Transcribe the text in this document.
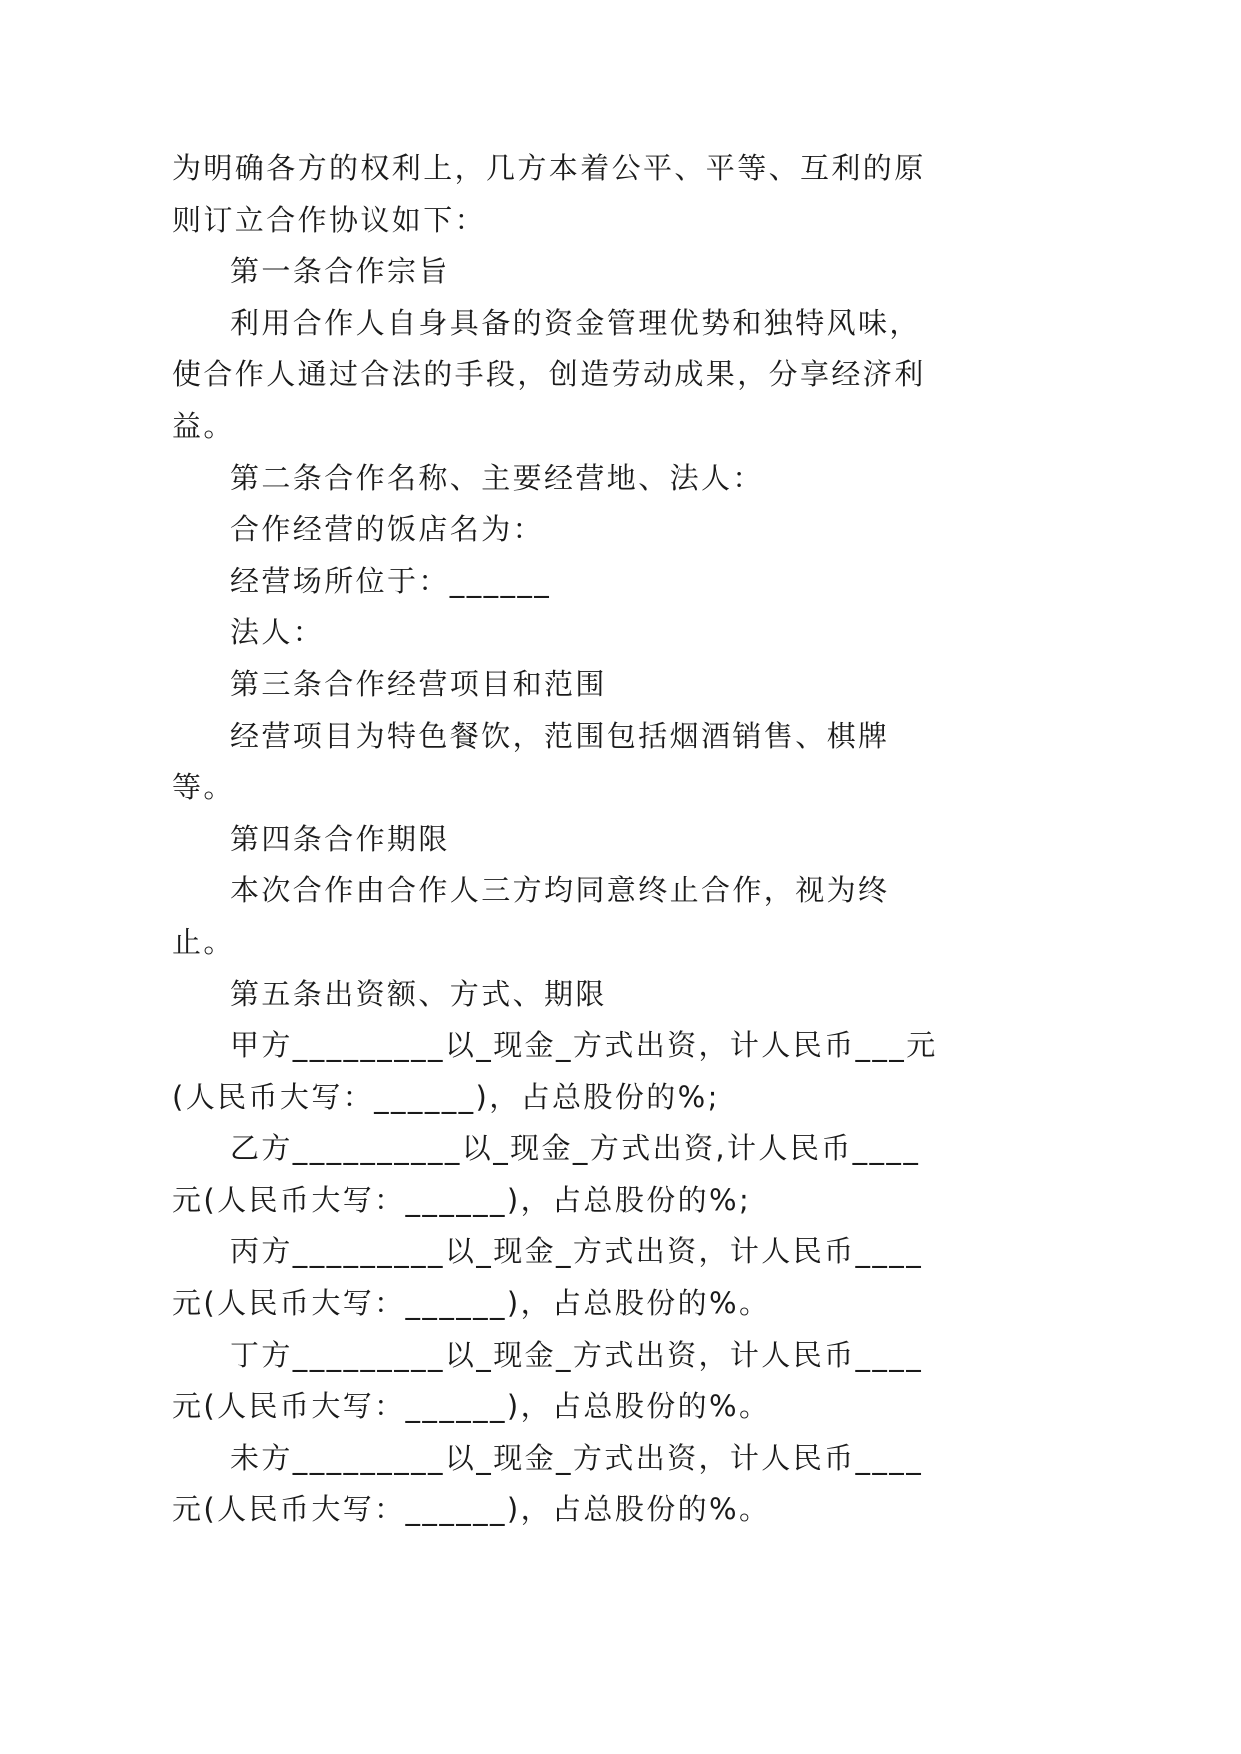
为明确各方的权利上，几方本着公平、平等、互利的原则订立合作协议如下：

第一条合作宗旨

利用合作人自身具备的资金管理优势和独特风味，使合作人通过合法的手段，创造劳动成果，分享经济利益。

第二条合作名称、主要经营地、法人：

合作经营的饭店名为：

经营场所位于：______

法人：

第三条合作经营项目和范围

经营项目为特色餐饮，范围包括烟酒销售、棋牌等。

第四条合作期限

本次合作由合作人三方均同意终止合作，视为终止。

第五条出资额、方式、期限

甲方_________以_现金_方式出资，计人民币___元(人民币大写：______)，占总股份的%;

乙方__________以_现金_方式出资,计人民币____元(人民币大写：______)，占总股份的%;

丙方_________以_现金_方式出资，计人民币____元(人民币大写：______)，占总股份的%。

丁方_________以_现金_方式出资，计人民币____元(人民币大写：______)，占总股份的%。

未方_________以_现金_方式出资，计人民币____元(人民币大写：______)，占总股份的%。
